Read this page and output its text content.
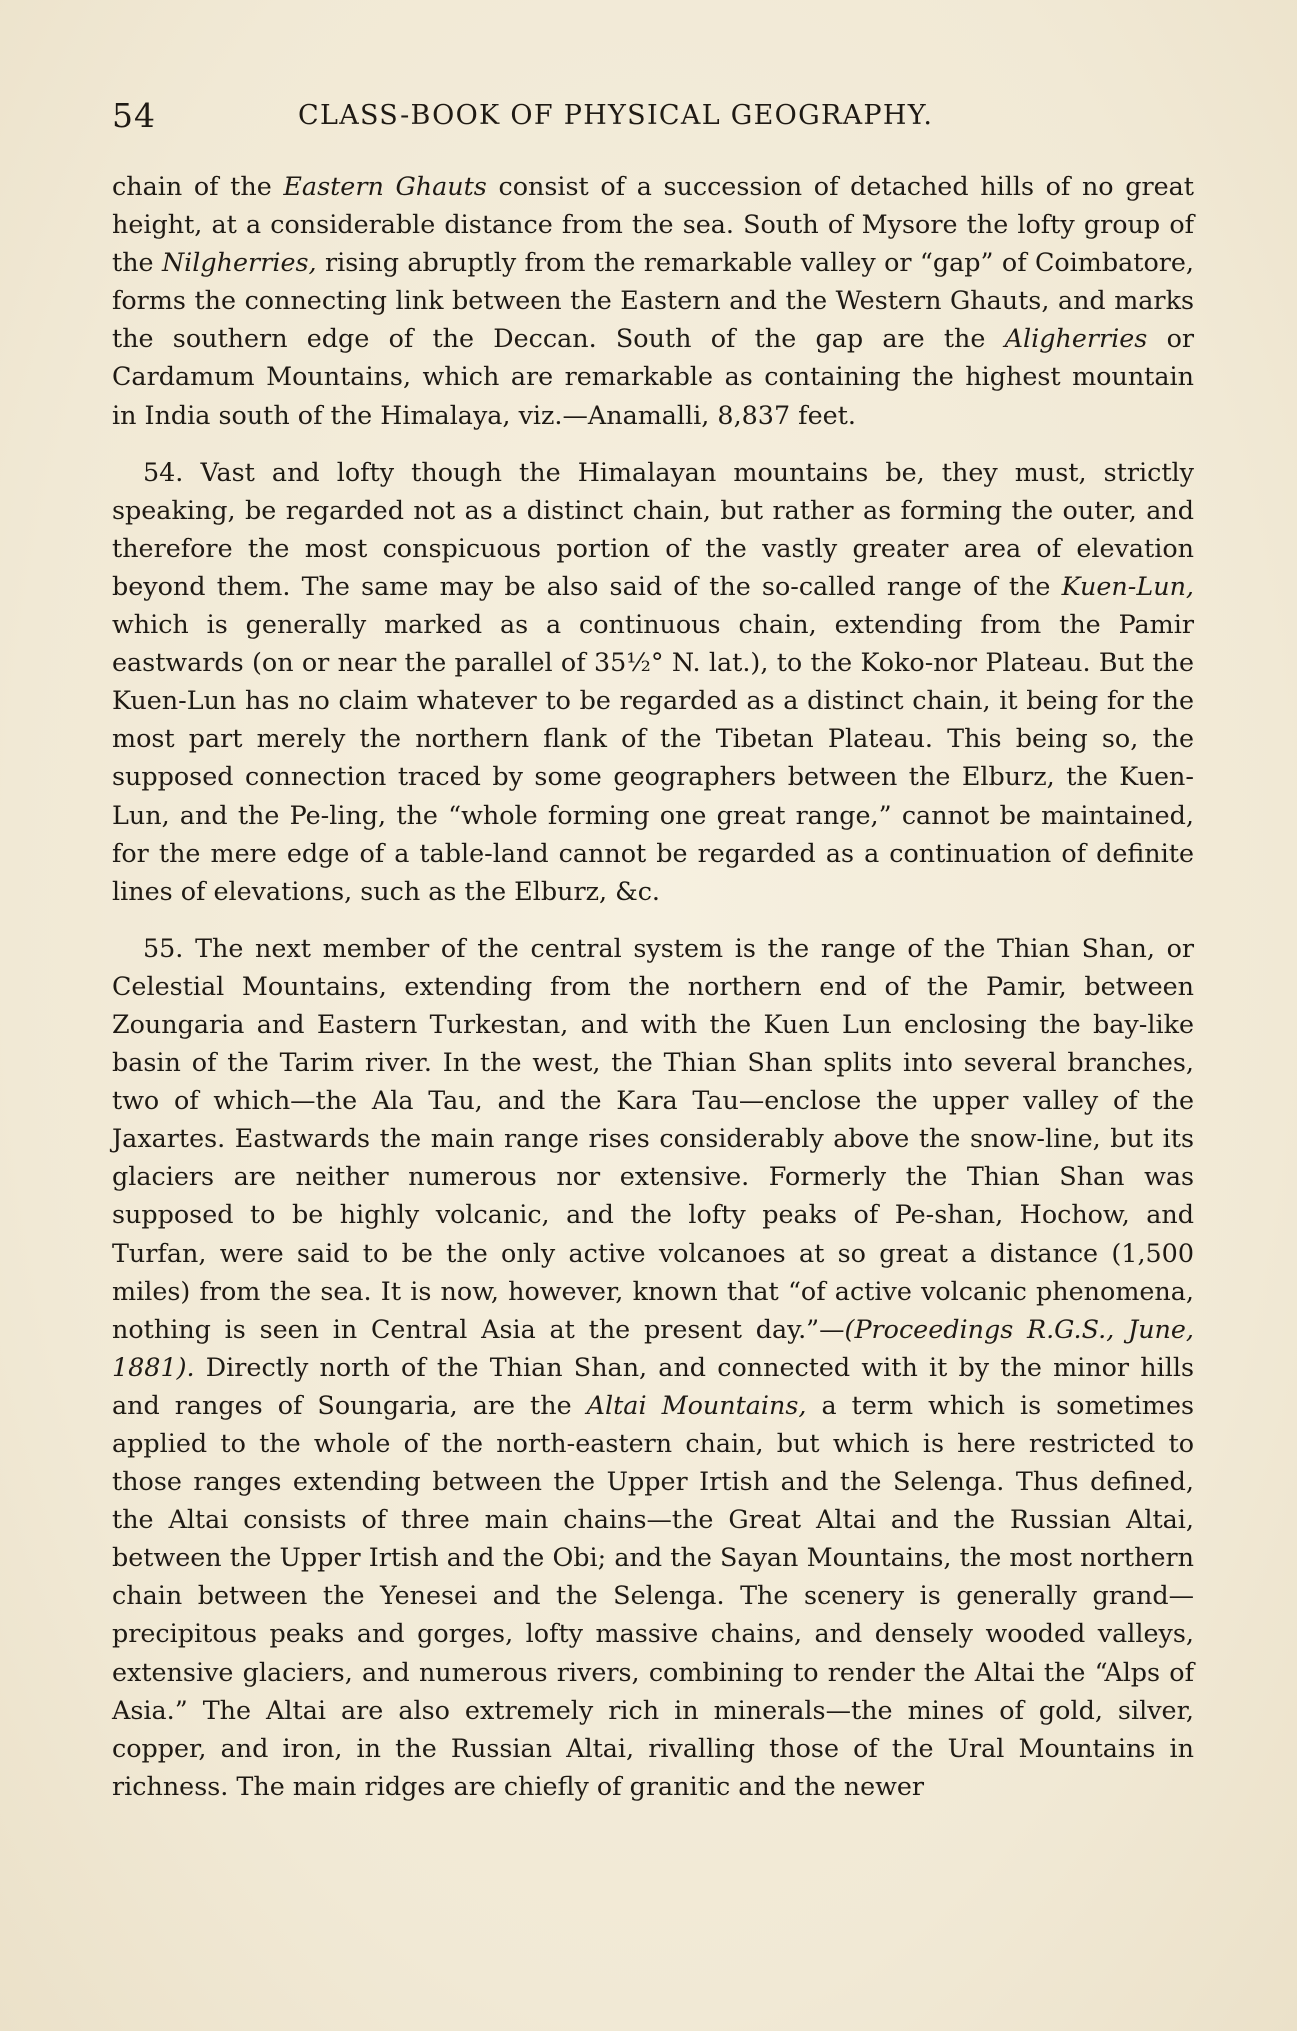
54	CLASS-BOOK OF PHYSICAL GEOGRAPHY.

chain of the Eastern Ghauts consist of a succession of detached hills of no great height, at a considerable distance from the sea. South of Mysore the lofty group of the Nilgherries, rising abruptly from the remarkable valley or “gap” of Coimbatore, forms the connecting link between the Eastern and the Western Ghauts, and marks the southern edge of the Deccan. South of the gap are the Aligherries or Cardamum Mountains, which are remarkable as containing the highest mountain in India south of the Himalaya, viz.—Anamalli, 8,837 feet.

54. Vast and lofty though the Himalayan mountains be, they must, strictly speaking, be regarded not as a distinct chain, but rather as forming the outer, and therefore the most conspicuous portion of the vastly greater area of elevation beyond them. The same may be also said of the so-called range of the Kuen-Lun, which is generally marked as a continuous chain, extending from the Pamir eastwards (on or near the parallel of 35½° N. lat.), to the Koko-nor Plateau. But the Kuen-Lun has no claim whatever to be regarded as a distinct chain, it being for the most part merely the northern flank of the Tibetan Plateau. This being so, the supposed connection traced by some geographers between the Elburz, the Kuen-Lun, and the Pe-ling, the “whole forming one great range,” cannot be maintained, for the mere edge of a table-land cannot be regarded as a continuation of definite lines of elevations, such as the Elburz, &c.

55. The next member of the central system is the range of the Thian Shan, or Celestial Mountains, extending from the northern end of the Pamir, between Zoungaria and Eastern Turkestan, and with the Kuen Lun enclosing the bay-like basin of the Tarim river. In the west, the Thian Shan splits into several branches, two of which—the Ala Tau, and the Kara Tau—enclose the upper valley of the Jaxartes. Eastwards the main range rises considerably above the snow-line, but its glaciers are neither numerous nor extensive. Formerly the Thian Shan was supposed to be highly volcanic, and the lofty peaks of Pe-shan, Hochow, and Turfan, were said to be the only active volcanoes at so great a distance (1,500 miles) from the sea. It is now, however, known that “of active volcanic phenomena, nothing is seen in Central Asia at the present day.”—(Proceedings R.G.S., June, 1881). Directly north of the Thian Shan, and connected with it by the minor hills and ranges of Soungaria, are the Altai Mountains, a term which is sometimes applied to the whole of the north-eastern chain, but which is here restricted to those ranges extending between the Upper Irtish and the Selenga. Thus defined, the Altai consists of three main chains—the Great Altai and the Russian Altai, between the Upper Irtish and the Obi; and the Sayan Mountains, the most northern chain between the Yenesei and the Selenga. The scenery is generally grand—precipitous peaks and gorges, lofty massive chains, and densely wooded valleys, extensive glaciers, and numerous rivers, combining to render the Altai the “Alps of Asia.” The Altai are also extremely rich in minerals—the mines of gold, silver, copper, and iron, in the Russian Altai, rivalling those of the Ural Mountains in richness. The main ridges are chiefly of granitic and the newer
